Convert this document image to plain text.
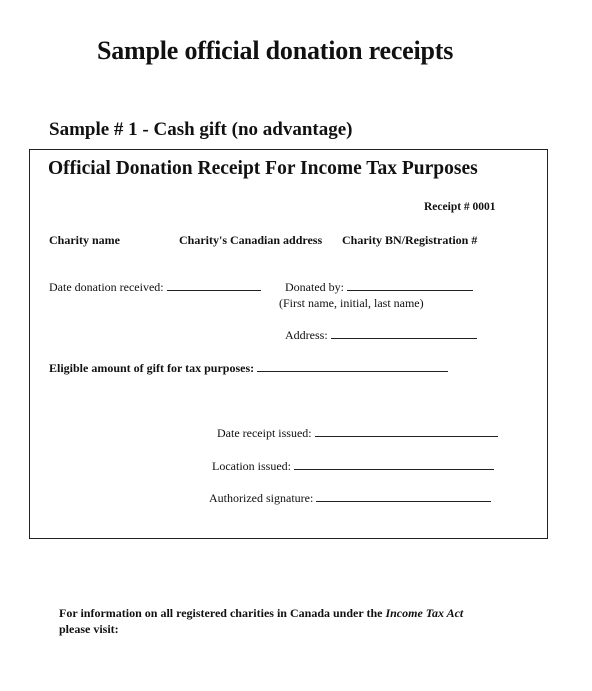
Sample official donation receipts
Sample # 1 - Cash gift (no advantage)
Official Donation Receipt For Income Tax Purposes
Receipt # 0001
Charity name	Charity's Canadian address Charity BN/Registration #
Date donation received:	Donated by:
(First name, initial, last name)
Address:
Eligible amount of gift for tax purposes:
Date receipt issued:
Location issued:
Authorized signature:
For information on all registered charities in Canada under the Income Tax Act
please visit:
